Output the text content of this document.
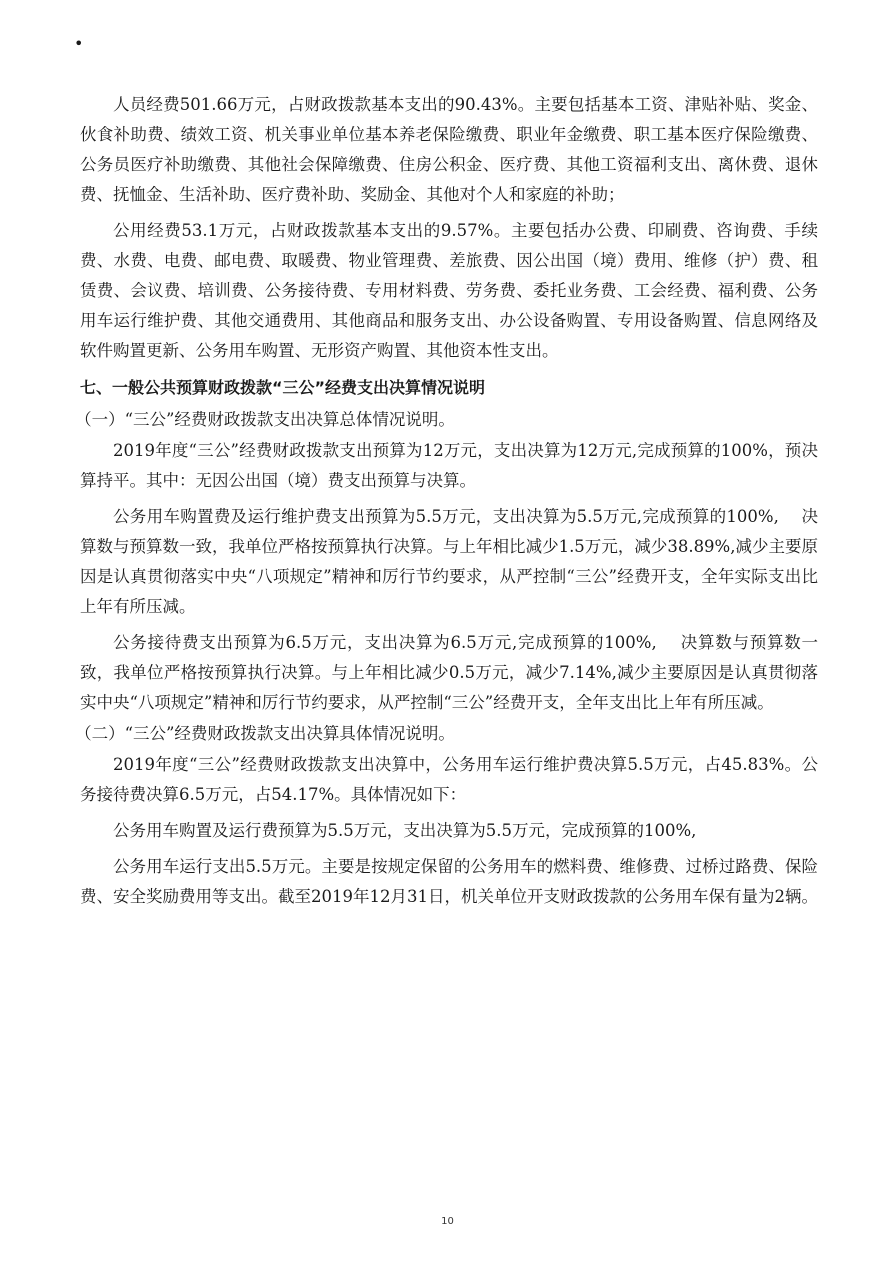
•

人员经费501.66万元，占财政拨款基本支出的90.43%。主要包括基本工资、津贴补贴、奖金、伙食补助费、绩效工资、机关事业单位基本养老保险缴费、职业年金缴费、职工基本医疗保险缴费、公务员医疗补助缴费、其他社会保障缴费、住房公积金、医疗费、其他工资福利支出、离休费、退休费、抚恤金、生活补助、医疗费补助、奖励金、其他对个人和家庭的补助；

公用经费53.1万元，占财政拨款基本支出的9.57%。主要包括办公费、印刷费、咨询费、手续费、水费、电费、邮电费、取暖费、物业管理费、差旅费、因公出国（境）费用、维修（护）费、租赁费、会议费、培训费、公务接待费、专用材料费、劳务费、委托业务费、工会经费、福利费、公务用车运行维护费、其他交通费用、其他商品和服务支出、办公设备购置、专用设备购置、信息网络及软件购置更新、公务用车购置、无形资产购置、其他资本性支出。

七、一般公共预算财政拨款“三公”经费支出决算情况说明
（一）“三公”经费财政拨款支出决算总体情况说明。

2019年度“三公”经费财政拨款支出预算为12万元，支出决算为12万元,完成预算的100%，预决算持平。其中：无因公出国（境）费支出预算与决算。

公务用车购置费及运行维护费支出预算为5.5万元，支出决算为5.5万元,完成预算的100%,　 决算数与预算数一致，我单位严格按预算执行决算。与上年相比减少1.5万元，减少38.89%,减少主要原因是认真贯彻落实中央“八项规定”精神和厉行节约要求，从严控制“三公”经费开支，全年实际支出比上年有所压减。

公务接待费支出预算为6.5万元，支出决算为6.5万元,完成预算的100%,　 决算数与预算数一致，我单位严格按预算执行决算。与上年相比减少0.5万元，减少7.14%,减少主要原因是认真贯彻落实中央“八项规定”精神和厉行节约要求，从严控制“三公”经费开支，全年支出比上年有所压减。

（二）“三公”经费财政拨款支出决算具体情况说明。

2019年度“三公”经费财政拨款支出决算中，公务用车运行维护费决算5.5万元，占45.83%。公务接待费决算6.5万元，占54.17%。具体情况如下：

公务用车购置及运行费预算为5.5万元，支出决算为5.5万元，完成预算的100%,

公务用车运行支出5.5万元。主要是按规定保留的公务用车的燃料费、维修费、过桥过路费、保险费、安全奖励费用等支出。截至2019年12月31日，机关单位开支财政拨款的公务用车保有量为2辆。

10
